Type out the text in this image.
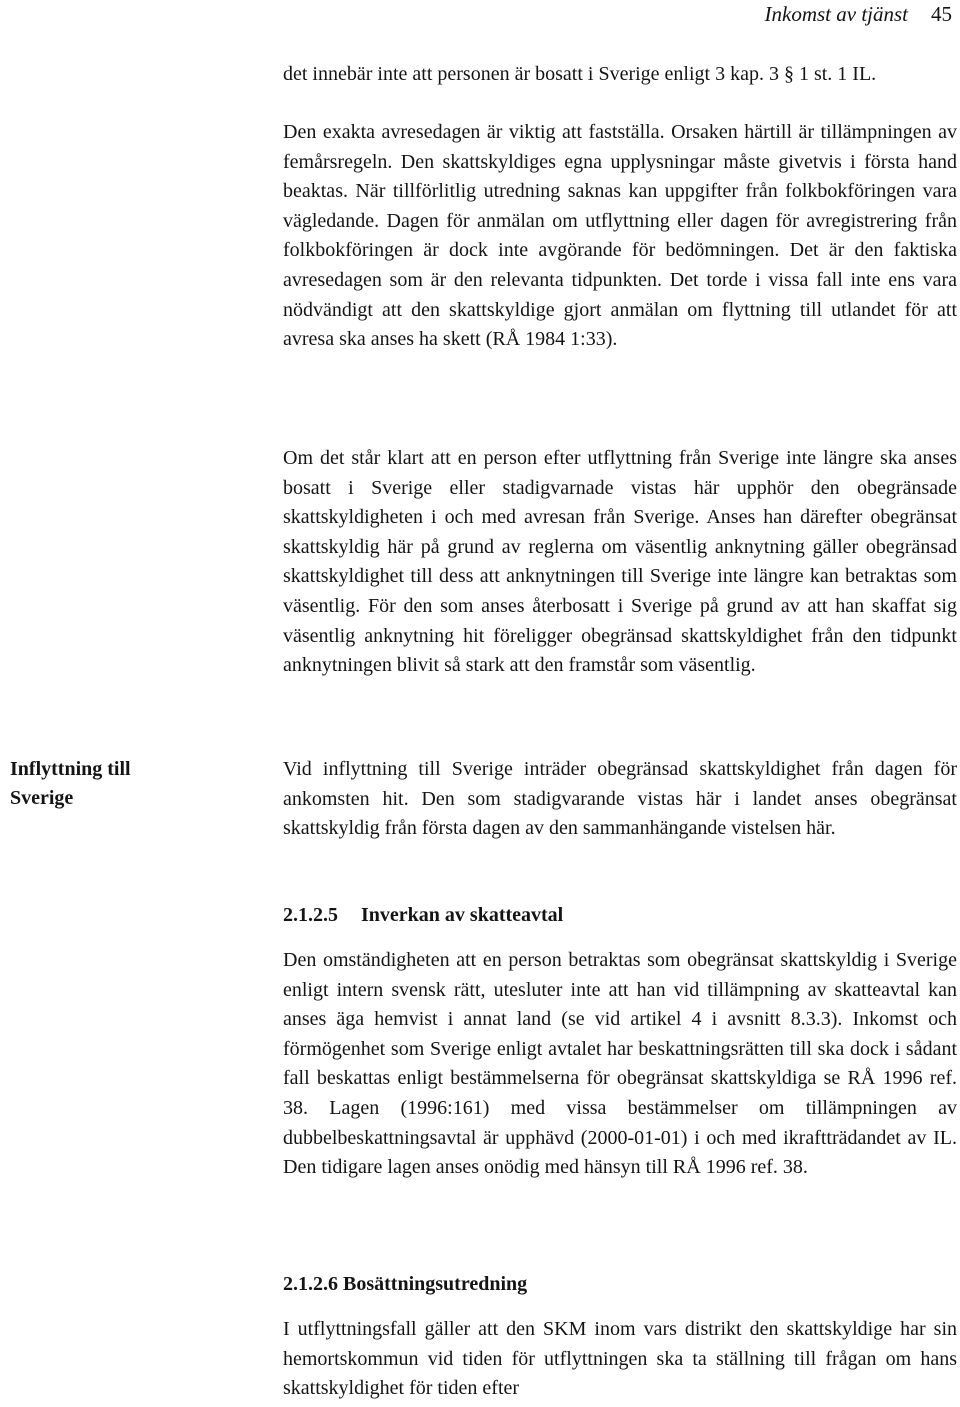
Inkomst av tjänst 45
Inflyttning till Sverige

det innebär inte att personen är bosatt i Sverige enligt 3 kap. 3 § 1 st. 1 IL.

Den exakta avresedagen är viktig att fastställa. Orsaken härtill är tillämpningen av femårsregeln. Den skattskyldiges egna upplysningar måste givetvis i första hand beaktas. När tillförlitlig utredning saknas kan uppgifter från folkbokföringen vara vägledande. Dagen för anmälan om utflyttning eller dagen för avregistrering från folkbokföringen är dock inte avgörande för bedömningen. Det är den faktiska avresedagen som är den relevanta tidpunkten. Det torde i vissa fall inte ens vara nödvändigt att den skattskyldige gjort anmälan om flyttning till utlandet för att avresa ska anses ha skett (RÅ 1984 1:33).

Om det står klart att en person efter utflyttning från Sverige inte längre ska anses bosatt i Sverige eller stadigvarnade vistas här upphör den obegränsade skattskyldigheten i och med avresan från Sverige. Anses han därefter obegränsat skattskyldig här på grund av reglerna om väsentlig anknytning gäller obegränsad skattskyldighet till dess att anknytningen till Sverige inte längre kan betraktas som väsentlig. För den som anses återbosatt i Sverige på grund av att han skaffat sig väsentlig anknytning hit föreligger obegränsad skattskyldighet från den tidpunkt anknytningen blivit så stark att den framstår som väsentlig.

Vid inflyttning till Sverige inträder obegränsad skattskyldighet från dagen för ankomsten hit. Den som stadigvarande vistas här i landet anses obegränsat skattskyldig från första dagen av den sammanhängande vistelsen här.

2.1.2.5 Inverkan av skatteavtal

Den omständigheten att en person betraktas som obegränsat skattskyldig i Sverige enligt intern svensk rätt, utesluter inte att han vid tillämpning av skatteavtal kan anses äga hemvist i annat land (se vid artikel 4 i avsnitt 8.3.3). Inkomst och förmögenhet som Sverige enligt avtalet har beskattningsrätten till ska dock i sådant fall beskattas enligt bestämmelserna för obegränsat skattskyldiga se RÅ 1996 ref. 38. Lagen (1996:161) med vissa bestämmelser om tillämpningen av dubbelbeskattningsavtal är upphävd (2000-01-01) i och med ikraftträdandet av IL. Den tidigare lagen anses onödig med hänsyn till RÅ 1996 ref. 38.

2.1.2.6 Bosättningsutredning

I utflyttningsfall gäller att den SKM inom vars distrikt den skattskyldige har sin hemortskommun vid tiden för utflyttningen ska ta ställning till frågan om hans skattskyldighet för tiden efter
